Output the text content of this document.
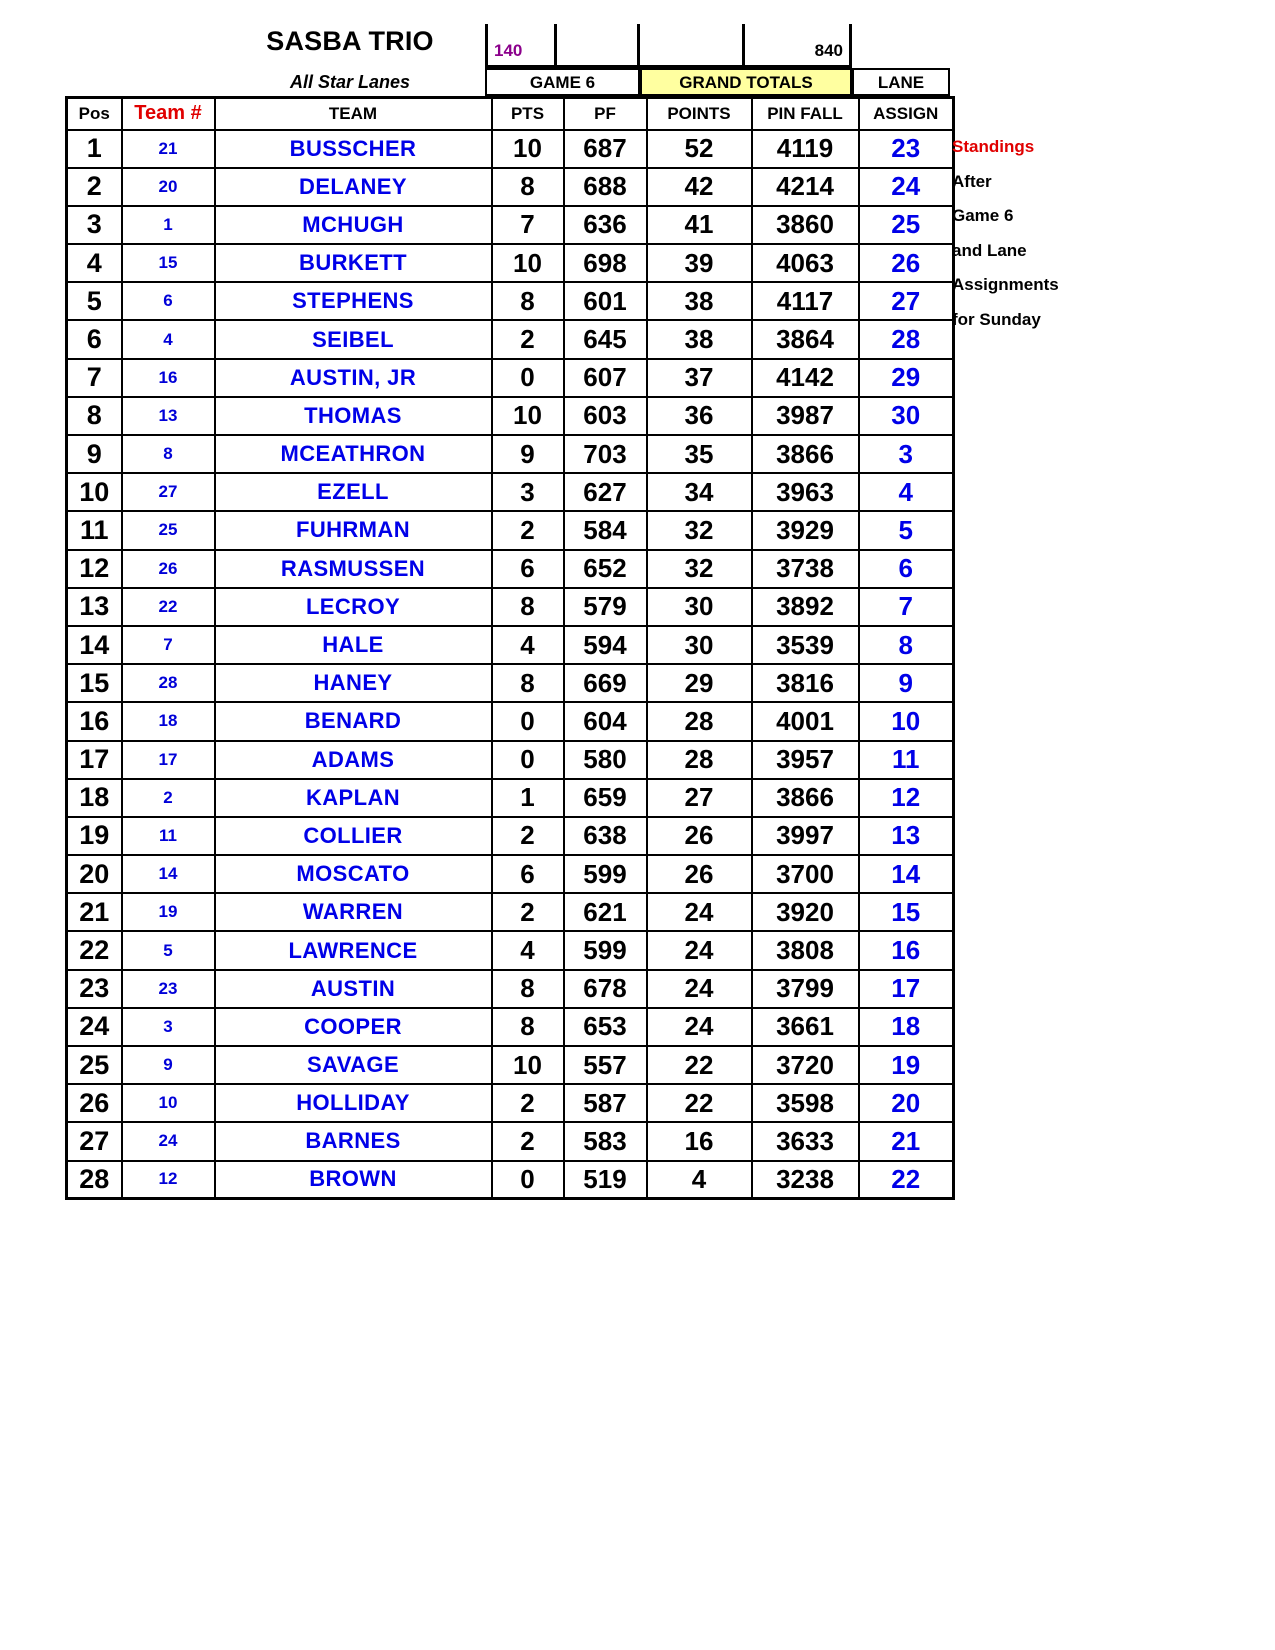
SASBA TRIO
All Star Lanes
140	840
GAME 6	GRAND TOTALS	LANE
Pos	Team #	TEAM	PTS	PF	POINTS	PIN FALL	ASSIGN
1	21	BUSSCHER	10	687	52	4119	23
2	20	DELANEY	8	688	42	4214	24
3	1	MCHUGH	7	636	41	3860	25
4	15	BURKETT	10	698	39	4063	26
5	6	STEPHENS	8	601	38	4117	27
6	4	SEIBEL	2	645	38	3864	28
7	16	AUSTIN, JR	0	607	37	4142	29
8	13	THOMAS	10	603	36	3987	30
9	8	MCEATHRON	9	703	35	3866	3
10	27	EZELL	3	627	34	3963	4
11	25	FUHRMAN	2	584	32	3929	5
12	26	RASMUSSEN	6	652	32	3738	6
13	22	LECROY	8	579	30	3892	7
14	7	HALE	4	594	30	3539	8
15	28	HANEY	8	669	29	3816	9
16	18	BENARD	0	604	28	4001	10
17	17	ADAMS	0	580	28	3957	11
18	2	KAPLAN	1	659	27	3866	12
19	11	COLLIER	2	638	26	3997	13
20	14	MOSCATO	6	599	26	3700	14
21	19	WARREN	2	621	24	3920	15
22	5	LAWRENCE	4	599	24	3808	16
23	23	AUSTIN	8	678	24	3799	17
24	3	COOPER	8	653	24	3661	18
25	9	SAVAGE	10	557	22	3720	19
26	10	HOLLIDAY	2	587	22	3598	20
27	24	BARNES	2	583	16	3633	21
28	12	BROWN	0	519	4	3238	22
Standings
After
Game 6
and Lane
Assignments
for Sunday
